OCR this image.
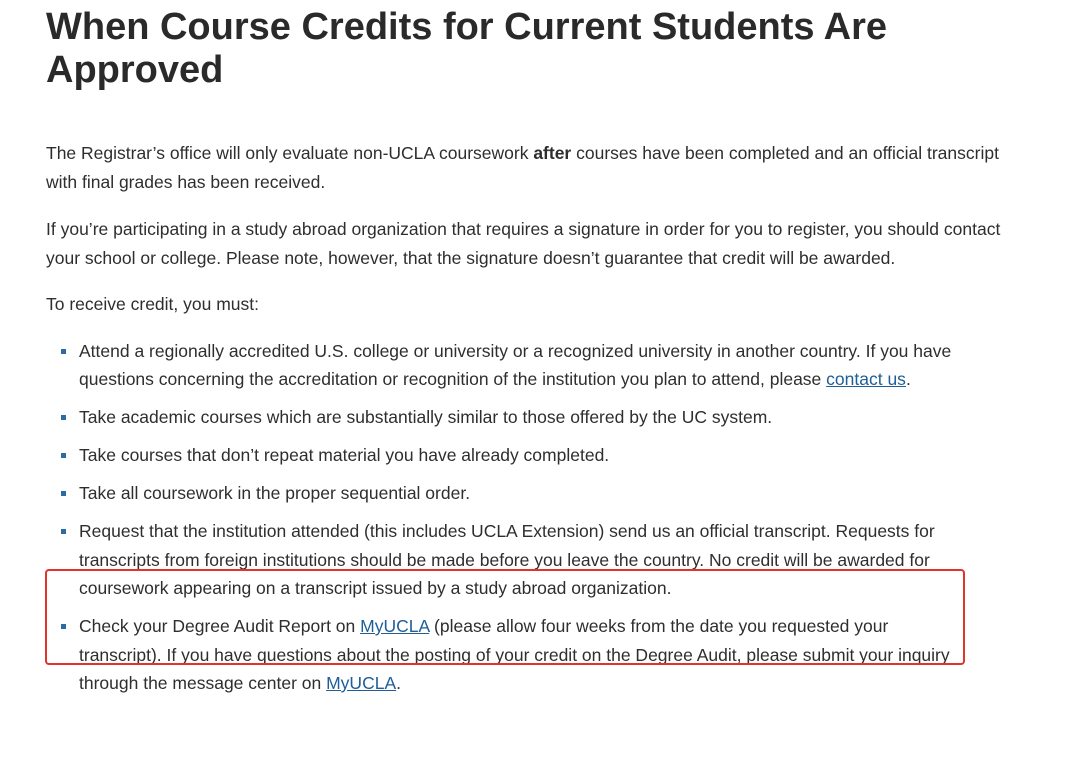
When Course Credits for Current Students Are Approved

The Registrar’s office will only evaluate non-UCLA coursework after courses have been completed and an official transcript with final grades has been received.

If you’re participating in a study abroad organization that requires a signature in order for you to register, you should contact your school or college. Please note, however, that the signature doesn’t guarantee that credit will be awarded.

To receive credit, you must:

Attend a regionally accredited U.S. college or university or a recognized university in another country. If you have questions concerning the accreditation or recognition of the institution you plan to attend, please contact us.
Take academic courses which are substantially similar to those offered by the UC system.
Take courses that don’t repeat material you have already completed.
Take all coursework in the proper sequential order.
Request that the institution attended (this includes UCLA Extension) send us an official transcript. Requests for transcripts from foreign institutions should be made before you leave the country. No credit will be awarded for coursework appearing on a transcript issued by a study abroad organization.
Check your Degree Audit Report on MyUCLA (please allow four weeks from the date you requested your transcript). If you have questions about the posting of your credit on the Degree Audit, please submit your inquiry through the message center on MyUCLA.
